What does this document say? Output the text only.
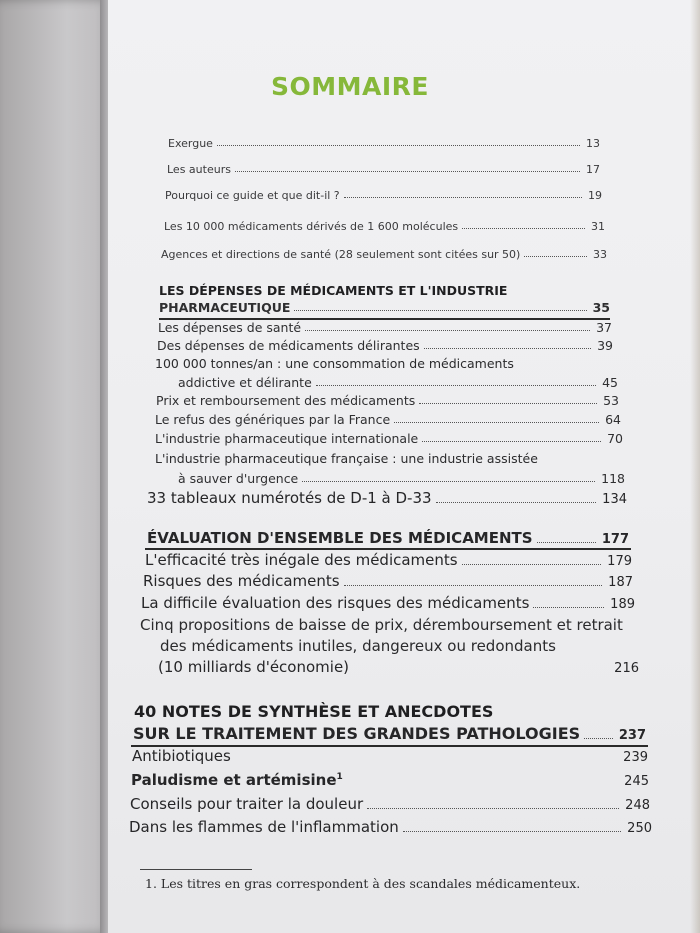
SOMMAIRE
Exergue	13
Les auteurs	17
Pourquoi ce guide et que dit-il ?	19
Les 10 000 médicaments dérivés de 1 600 molécules	31
Agences et directions de santé (28 seulement sont citées sur 50)	33
LES DÉPENSES DE MÉDICAMENTS ET L'INDUSTRIE
PHARMACEUTIQUE	35
Les dépenses de santé	37
Des dépenses de médicaments délirantes	39
100 000 tonnes/an : une consommation de médicaments
addictive et délirante	45
Prix et remboursement des médicaments	53
Le refus des génériques par la France	64
L'industrie pharmaceutique internationale	70
L'industrie pharmaceutique française : une industrie assistée
à sauver d'urgence	118
33 tableaux numérotés de D-1 à D-33	134
ÉVALUATION D'ENSEMBLE DES MÉDICAMENTS	177
L'efficacité très inégale des médicaments	179
Risques des médicaments	187
La difficile évaluation des risques des médicaments	189
Cinq propositions de baisse de prix, déremboursement et retrait
des médicaments inutiles, dangereux ou redondants
(10 milliards d'économie)	216
40 NOTES DE SYNTHÈSE ET ANECDOTES
SUR LE TRAITEMENT DES GRANDES PATHOLOGIES	237
Antibiotiques	239
Paludisme et artémisine$^1$	245
Conseils pour traiter la douleur	248
Dans les flammes de l'inflammation	250
1. Les titres en gras correspondent à des scandales médicamenteux.
